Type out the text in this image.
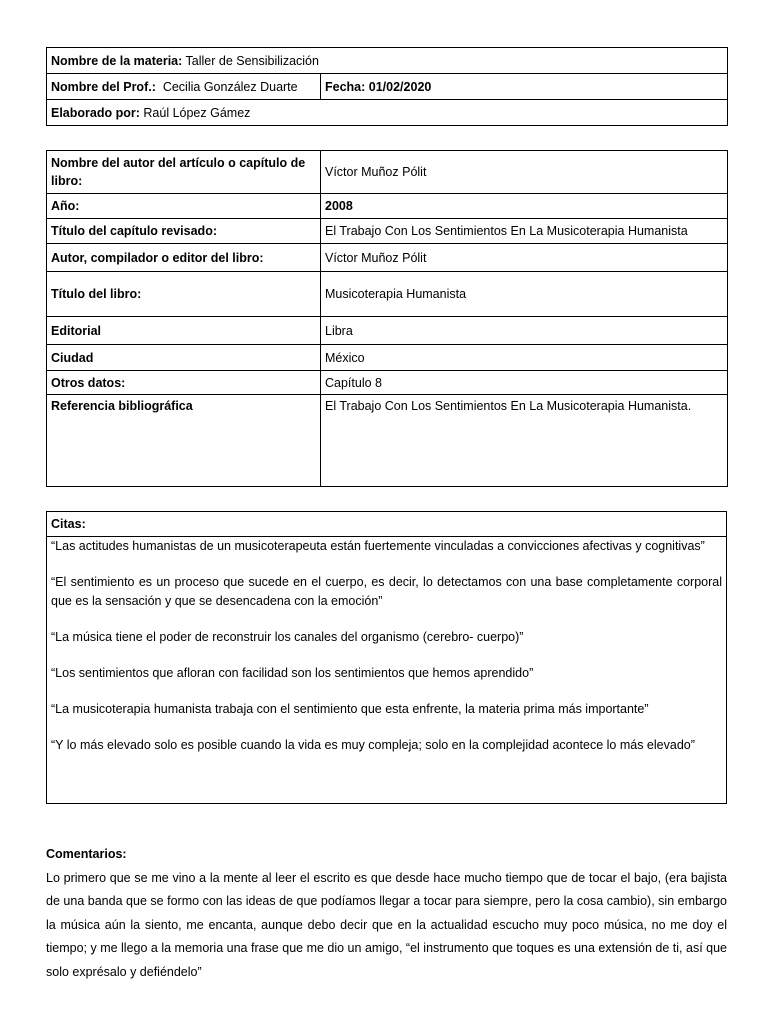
Nombre de la materia: Taller de Sensibilización
Nombre del Prof.: Cecilia González Duarte	Fecha: 01/02/2020
Elaborado por: Raúl López Gámez
Nombre del autor del artículo o capítulo de libro:	Víctor Muñoz Pólit
Año:	2008
Título del capítulo revisado:	El Trabajo Con Los Sentimientos En La Musicoterapia Humanista
Autor, compilador o editor del libro:	Víctor Muñoz Pólit
Título del libro:	Musicoterapia Humanista
Editorial	Libra
Ciudad	México
Otros datos:	Capítulo 8
Referencia bibliográfica	El Trabajo Con Los Sentimientos En La Musicoterapia Humanista.
Citas:

“Las actitudes humanistas de un musicoterapeuta están fuertemente vinculadas a convicciones afectivas y cognitivas”

“El sentimiento es un proceso que sucede en el cuerpo, es decir, lo detectamos con una base completamente corporal que es la sensación y que se desencadena con la emoción”

“La música tiene el poder de reconstruir los canales del organismo (cerebro- cuerpo)”

“Los sentimientos que afloran con facilidad son los sentimientos que hemos aprendido”

“La musicoterapia humanista trabaja con el sentimiento que esta enfrente, la materia prima más importante”

“Y lo más elevado solo es posible cuando la vida es muy compleja; solo en la complejidad acontece lo más elevado”

Comentarios:

Lo primero que se me vino a la mente al leer el escrito es que desde hace mucho tiempo que de tocar el bajo, (era bajista de una banda que se formo con las ideas de que podíamos llegar a tocar para siempre, pero la cosa cambio), sin embargo la música aún la siento, me encanta, aunque debo decir que en la actualidad escucho muy poco música, no me doy el tiempo; y me llego a la memoria una frase que me dio un amigo, “el instrumento que toques es una extensión de ti, así que solo exprésalo y defiéndelo”
